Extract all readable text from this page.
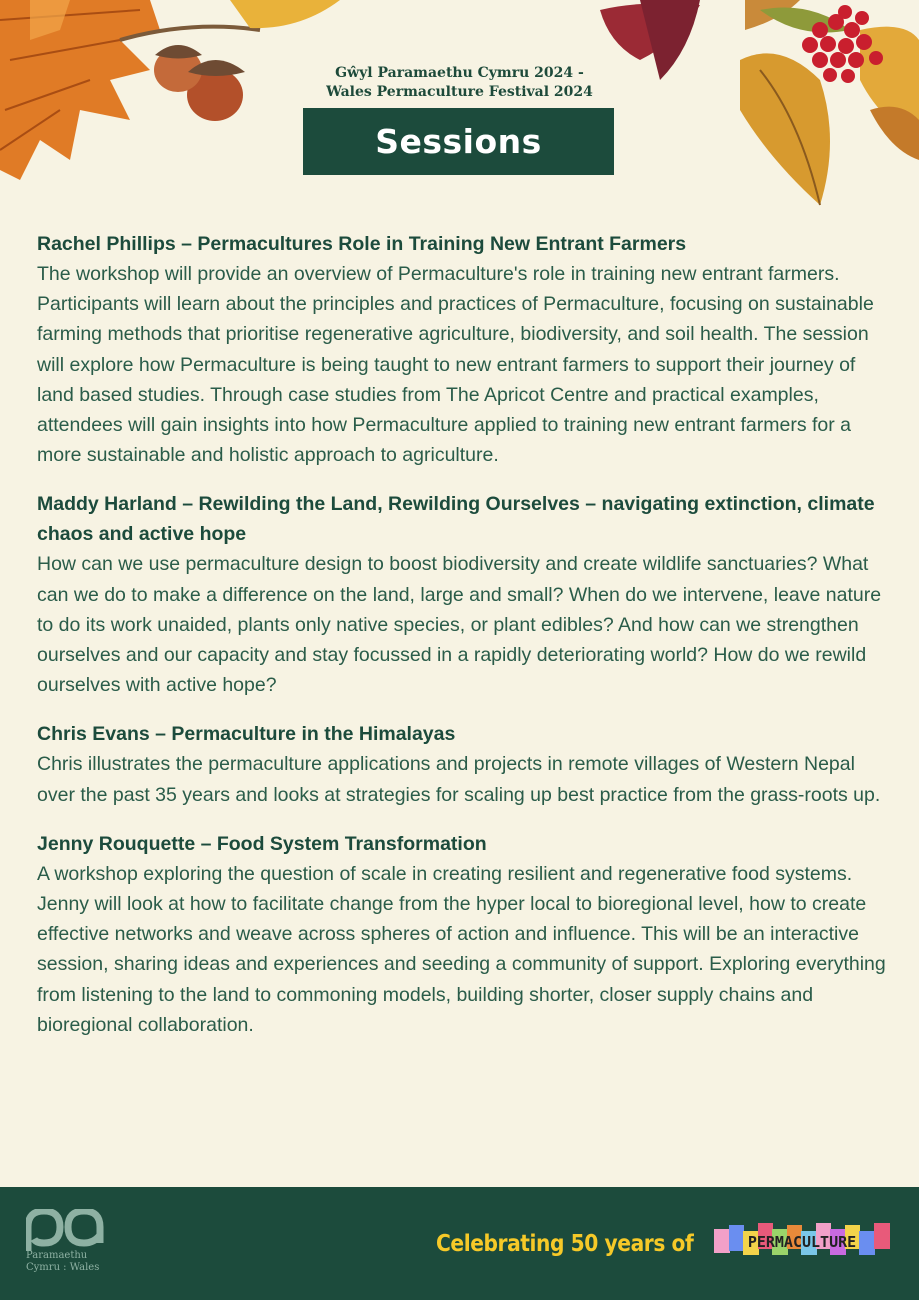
Gŵyl Paramaethu Cymru 2024 -
Wales Permaculture Festival 2024
Sessions
Rachel Phillips – Permacultures Role in Training New Entrant Farmers

The workshop will provide an overview of Permaculture's role in training new entrant farmers. Participants will learn about the principles and practices of Permaculture, focusing on sustainable farming methods that prioritise regenerative agriculture, biodiversity, and soil health. The session will explore how Permaculture is being taught to new entrant farmers to support their journey of land based studies. Through case studies from The Apricot Centre and practical examples, attendees will gain insights into how Permaculture applied to training new entrant farmers for a more sustainable and holistic approach to agriculture.

Maddy Harland – Rewilding the Land, Rewilding Ourselves – navigating extinction, climate chaos and active hope

How can we use permaculture design to boost biodiversity and create wildlife sanctuaries? What can we do to make a difference on the land, large and small? When do we intervene, leave nature to do its work unaided, plants only native species, or plant edibles? And how can we strengthen ourselves and our capacity and stay focussed in a rapidly deteriorating world? How do we rewild ourselves with active hope?

Chris Evans – Permaculture in the Himalayas

Chris illustrates the permaculture applications and projects in remote villages of Western Nepal over the past 35 years and looks at strategies for scaling up best practice from the grass-roots up.

Jenny Rouquette – Food System Transformation

A workshop exploring the question of scale in creating resilient and regenerative food systems. Jenny will look at how to facilitate change from the hyper local to bioregional level, how to create effective networks and weave across spheres of action and influence. This will be an interactive session, sharing ideas and experiences and seeding a community of support. Exploring everything from listening to the land to commoning models, building shorter, closer supply chains and bioregional collaboration.

Paramaethu
Cymru : Wales
Celebrating 50 years of	PERMACULTURE
